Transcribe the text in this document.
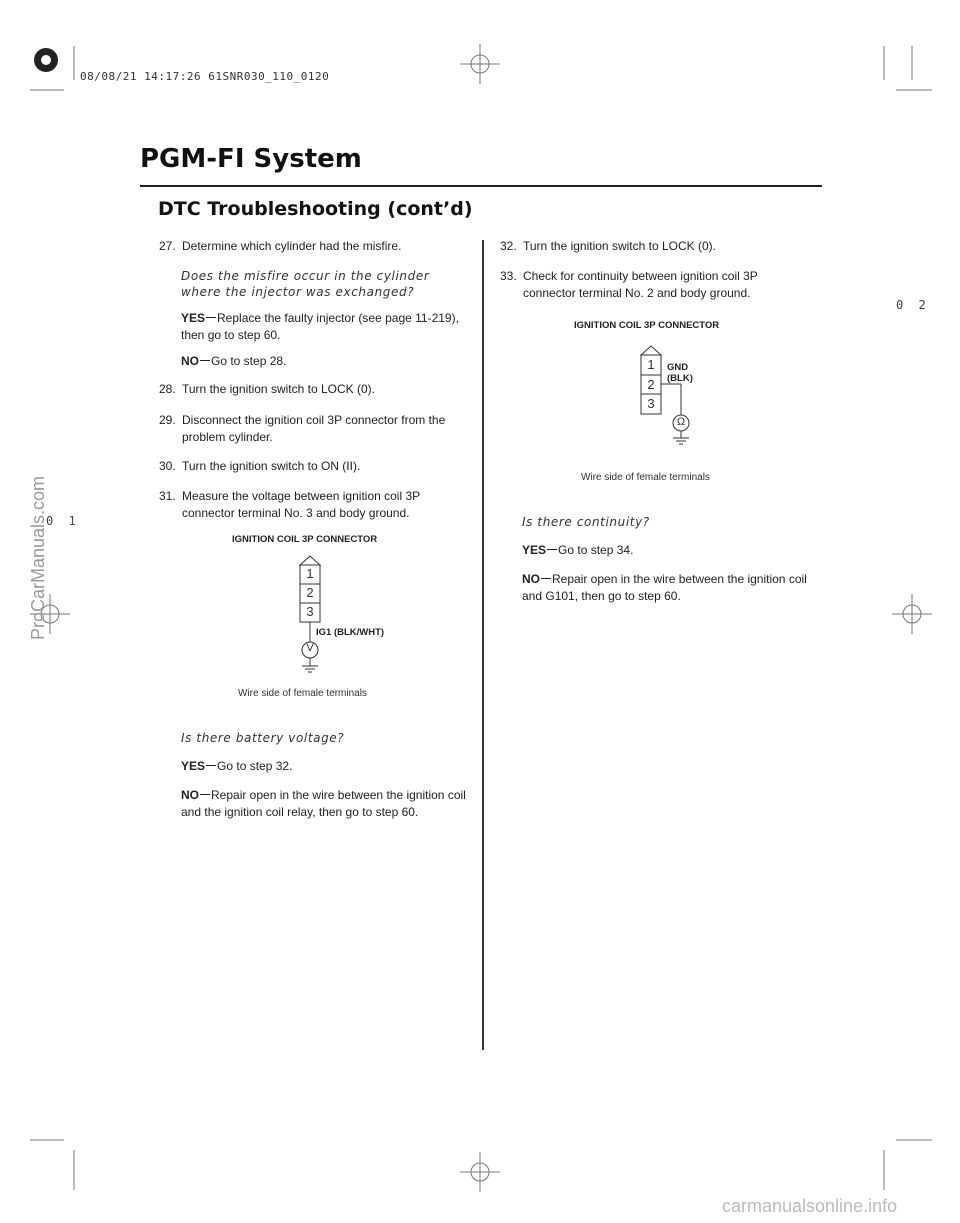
08/08/21 14:17:26 61SNR030_110_0120
PGM-FI System
DTC Troubleshooting (cont’d)
0 2
0 1
ProCarManuals.com
carmanualsonline.info
27. Determine which cylinder had the misfire.
Does the misfire occur in the cylinder where the injector was exchanged?
YES Replace the faulty injector (see page 11-219), then go to step 60.
NO Go to step 28.
28. Turn the ignition switch to LOCK (0).
29. Disconnect the ignition coil 3P connector from the problem cylinder.
30. Turn the ignition switch to ON (II).
31. Measure the voltage between ignition coil 3P connector terminal No. 3 and body ground.
IGNITION COIL 3P CONNECTOR
1
2
3
IG1 (BLK/WHT)
V
Wire side of female terminals
Is there battery voltage?
YES Go to step 32.
NO Repair open in the wire between the ignition coil and the ignition coil relay, then go to step 60.
32. Turn the ignition switch to LOCK (0).
33. Check for continuity between ignition coil 3P connector terminal No. 2 and body ground.
IGNITION COIL 3P CONNECTOR
1
2
3
GND
(BLK)
Ω
Wire side of female terminals
Is there continuity?
YES Go to step 34.
NO Repair open in the wire between the ignition coil and G101, then go to step 60.
